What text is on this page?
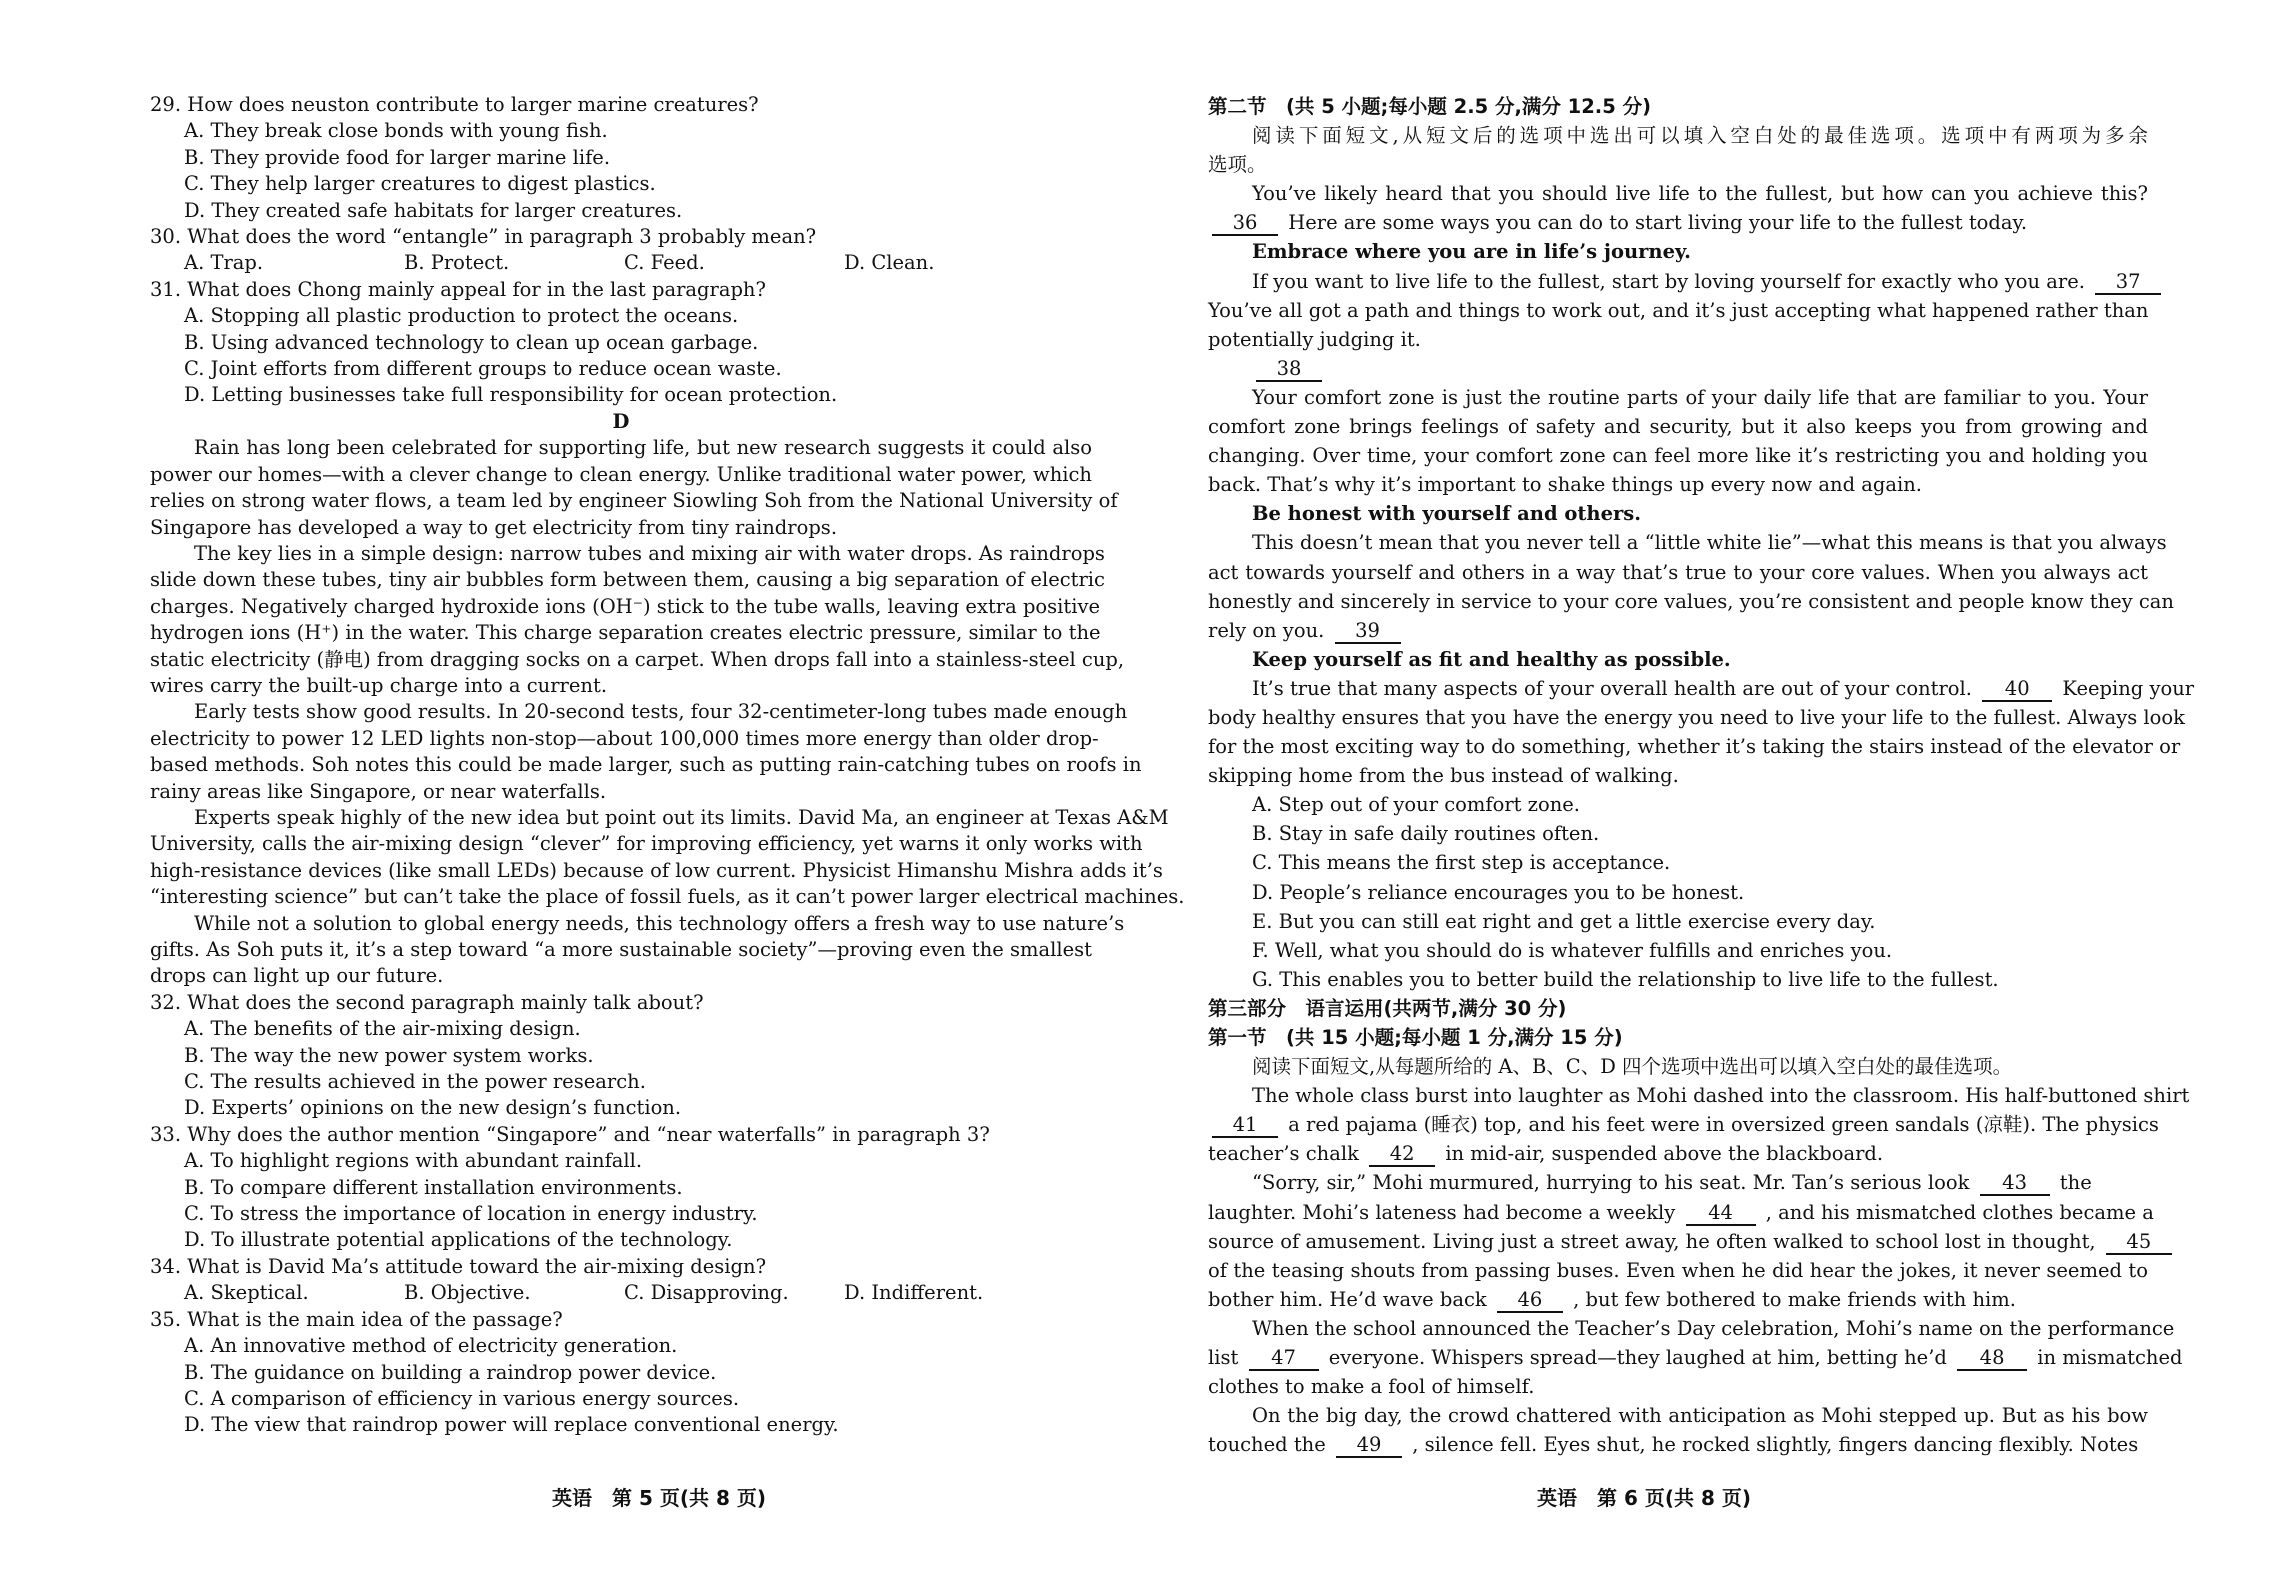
29. How does neuston contribute to larger marine creatures?
A. They break close bonds with young fish.
B. They provide food for larger marine life.
C. They help larger creatures to digest plastics.
D. They created safe habitats for larger creatures.
30. What does the word “entangle” in paragraph 3 probably mean?
A. Trap.	B. Protect.	C. Feed.	D. Clean.
31. What does Chong mainly appeal for in the last paragraph?
A. Stopping all plastic production to protect the oceans.
B. Using advanced technology to clean up ocean garbage.
C. Joint efforts from different groups to reduce ocean waste.
D. Letting businesses take full responsibility for ocean protection.
D
Rain has long been celebrated for supporting life, but new research suggests it could also
power our homes—with a clever change to clean energy. Unlike traditional water power, which
relies on strong water flows, a team led by engineer Siowling Soh from the National University of
Singapore has developed a way to get electricity from tiny raindrops.
The key lies in a simple design: narrow tubes and mixing air with water drops. As raindrops
slide down these tubes, tiny air bubbles form between them, causing a big separation of electric
charges. Negatively charged hydroxide ions (OH⁻) stick to the tube walls, leaving extra positive
hydrogen ions (H⁺) in the water. This charge separation creates electric pressure, similar to the
static electricity (静电) from dragging socks on a carpet. When drops fall into a stainless-steel cup,
wires carry the built-up charge into a current.
Early tests show good results. In 20-second tests, four 32-centimeter-long tubes made enough
electricity to power 12 LED lights non-stop—about 100,000 times more energy than older drop-
based methods. Soh notes this could be made larger, such as putting rain-catching tubes on roofs in
rainy areas like Singapore, or near waterfalls.
Experts speak highly of the new idea but point out its limits. David Ma, an engineer at Texas A&M
University, calls the air-mixing design “clever” for improving efficiency, yet warns it only works with
high-resistance devices (like small LEDs) because of low current. Physicist Himanshu Mishra adds it’s
“interesting science” but can’t take the place of fossil fuels, as it can’t power larger electrical machines.
While not a solution to global energy needs, this technology offers a fresh way to use nature’s
gifts. As Soh puts it, it’s a step toward “a more sustainable society”—proving even the smallest
drops can light up our future.
32. What does the second paragraph mainly talk about?
A. The benefits of the air-mixing design.
B. The way the new power system works.
C. The results achieved in the power research.
D. Experts’ opinions on the new design’s function.
33. Why does the author mention “Singapore” and “near waterfalls” in paragraph 3?
A. To highlight regions with abundant rainfall.
B. To compare different installation environments.
C. To stress the importance of location in energy industry.
D. To illustrate potential applications of the technology.
34. What is David Ma’s attitude toward the air-mixing design?
A. Skeptical.	B. Objective.	C. Disapproving.	D. Indifferent.
35. What is the main idea of the passage?
A. An innovative method of electricity generation.
B. The guidance on building a raindrop power device.
C. A comparison of efficiency in various energy sources.
D. The view that raindrop power will replace conventional energy.
英语　第 5 页(共 8 页)
第二节　(共 5 小题;每小题 2.5 分,满分 12.5 分)
阅读下面短文,从短文后的选项中选出可以填入空白处的最佳选项。选项中有两项为多余
选项。
You’ve likely heard that you should live life to the fullest, but how can you achieve this?
36 Here are some ways you can do to start living your life to the fullest today.
Embrace where you are in life’s journey.
If you want to live life to the fullest, start by loving yourself for exactly who you are. 37
You’ve all got a path and things to work out, and it’s just accepting what happened rather than
potentially judging it.
38
Your comfort zone is just the routine parts of your daily life that are familiar to you. Your
comfort zone brings feelings of safety and security, but it also keeps you from growing and
changing. Over time, your comfort zone can feel more like it’s restricting you and holding you
back. That’s why it’s important to shake things up every now and again.
Be honest with yourself and others.
This doesn’t mean that you never tell a “little white lie”—what this means is that you always
act towards yourself and others in a way that’s true to your core values. When you always act
honestly and sincerely in service to your core values, you’re consistent and people know they can
rely on you. 39
Keep yourself as fit and healthy as possible.
It’s true that many aspects of your overall health are out of your control. 40 Keeping your
body healthy ensures that you have the energy you need to live your life to the fullest. Always look
for the most exciting way to do something, whether it’s taking the stairs instead of the elevator or
skipping home from the bus instead of walking.
A. Step out of your comfort zone.
B. Stay in safe daily routines often.
C. This means the first step is acceptance.
D. People’s reliance encourages you to be honest.
E. But you can still eat right and get a little exercise every day.
F. Well, what you should do is whatever fulfills and enriches you.
G. This enables you to better build the relationship to live life to the fullest.
第三部分　语言运用(共两节,满分 30 分)
第一节　(共 15 小题;每小题 1 分,满分 15 分)
阅读下面短文,从每题所给的 A、B、C、D 四个选项中选出可以填入空白处的最佳选项。
The whole class burst into laughter as Mohi dashed into the classroom. His half-buttoned shirt
41 a red pajama (睡衣) top, and his feet were in oversized green sandals (凉鞋). The physics
teacher’s chalk 42 in mid-air, suspended above the blackboard.
“Sorry, sir,” Mohi murmured, hurrying to his seat. Mr. Tan’s serious look 43 the
laughter. Mohi’s lateness had become a weekly 44 , and his mismatched clothes became a
source of amusement. Living just a street away, he often walked to school lost in thought, 45
of the teasing shouts from passing buses. Even when he did hear the jokes, it never seemed to
bother him. He’d wave back 46 , but few bothered to make friends with him.
When the school announced the Teacher’s Day celebration, Mohi’s name on the performance
list 47 everyone. Whispers spread—they laughed at him, betting he’d 48 in mismatched
clothes to make a fool of himself.
On the big day, the crowd chattered with anticipation as Mohi stepped up. But as his bow
touched the 49 , silence fell. Eyes shut, he rocked slightly, fingers dancing flexibly. Notes
英语　第 6 页(共 8 页)
